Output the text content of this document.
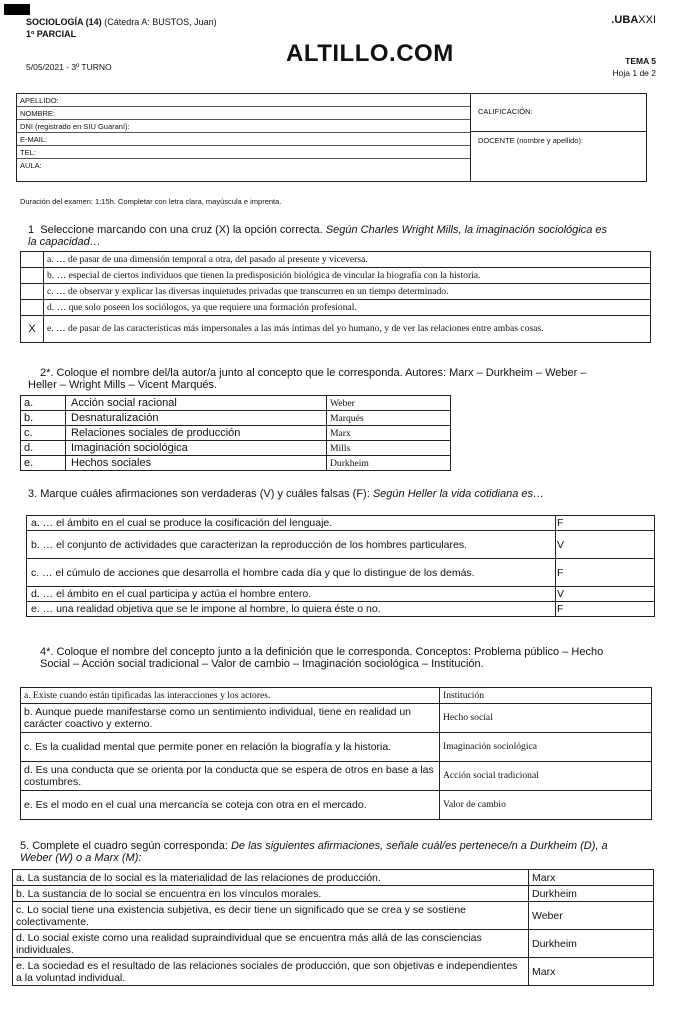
SOCIOLOGÍA (14) (Cátedra A: BUSTOS, Juan)
1º PARCIAL
5/05/2021 - 3º TURNO	ALTILLO.COM
.UBAXXI
TEMA 5
Hoja 1 de 2
APELLIDO:
NOMBRE:
DNI (registrado en SIU Guaraní):
E-MAIL:
TEL:
AULA:
CALIFICACIÓN:
DOCENTE (nombre y apellido):
Duración del examen: 1:15h. Completar con letra clara, mayúscula e imprenta.
1 Seleccione marcando con una cruz (X) la opción correcta. Según Charles Wright Mills, la imaginación sociológica es la capacidad…
	a. … de pasar de una dimensión temporal a otra, del pasado al presente y viceversa.
	b. … especial de ciertos individuos que tienen la predisposición biológica de vincular la biografía con la historia.
	c. … de observar y explicar las diversas inquietudes privadas que transcurren en un tiempo determinado.
	d. … que solo poseen los sociólogos, ya que requiere una formación profesional.
X	e. … de pasar de las características más impersonales a las más íntimas del yo humano, y de ver las relaciones entre ambas cosas.
2*. Coloque el nombre del/la autor/a junto al concepto que le corresponda. Autores: Marx – Durkheim – Weber – Heller – Wright Mills – Vicent Marqués.
a.	Acción social racional	Weber
b.	Desnaturalización	Marqués
c.	Relaciones sociales de producción	Marx
d.	Imaginación sociológica	Mills
e.	Hechos sociales	Durkheim
3. Marque cuáles afirmaciones son verdaderas (V) y cuáles falsas (F): Según Heller la vida cotidiana es…
a. … el ámbito en el cual se produce la cosificación del lenguaje.	F
b. … el conjunto de actividades que caracterizan la reproducción de los hombres particulares.	V
c. … el cúmulo de acciones que desarrolla el hombre cada día y que lo distingue de los demás.	F
d. … el ámbito en el cual participa y actúa el hombre entero.	V
e. … una realidad objetiva que se le impone al hombre, lo quiera éste o no.	F
4*. Coloque el nombre del concepto junto a la definición que le corresponda. Conceptos: Problema público – Hecho Social – Acción social tradicional – Valor de cambio – Imaginación sociológica – Institución.
a. Existe cuando están tipificadas las interacciones y los actores.	Institución
b. Aunque puede manifestarse como un sentimiento individual, tiene en realidad un carácter coactivo y externo.	Hecho social
c. Es la cualidad mental que permite poner en relación la biografía y la historia.	Imaginación sociológica
d. Es una conducta que se orienta por la conducta que se espera de otros en base a las costumbres.	Acción social tradicional
e. Es el modo en el cual una mercancía se coteja con otra en el mercado.	Valor de cambio
5. Complete el cuadro según corresponda: De las siguientes afirmaciones, señale cuál/es pertenece/n a Durkheim (D), a Weber (W) o a Marx (M):
a. La sustancia de lo social es la materialidad de las relaciones de producción.	Marx
b. La sustancia de lo social se encuentra en los vínculos morales.	Durkheim
c. Lo social tiene una existencia subjetiva, es decir tiene un significado que se crea y se sostiene colectivamente.	Weber
d. Lo social existe como una realidad supraindividual que se encuentra más allá de las consciencias individuales.	Durkheim
e. La sociedad es el resultado de las relaciones sociales de producción, que son objetivas e independientes a la voluntad individual.	Marx
